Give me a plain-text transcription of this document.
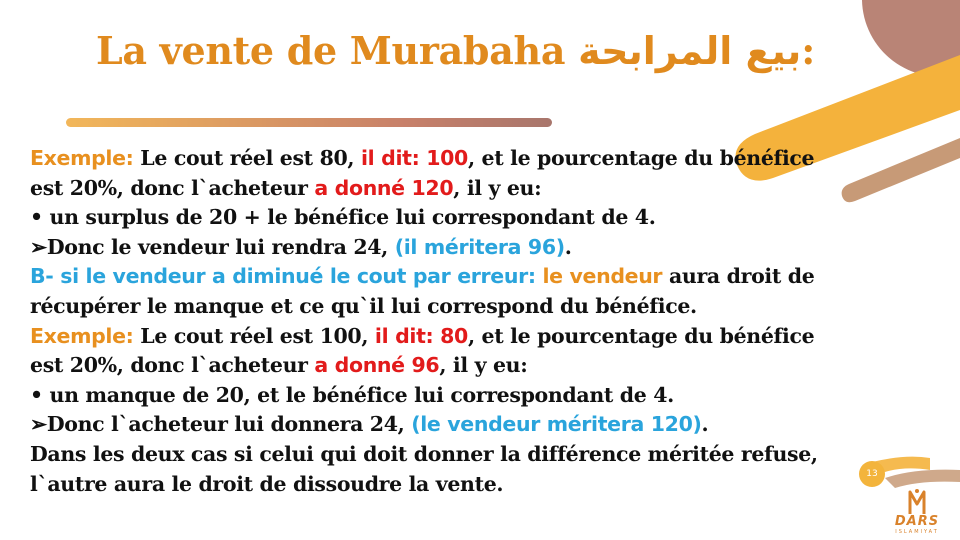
La vente de Murabaha بيع المرابحة:

Exemple: Le cout réel est 80, il dit: 100, et le pourcentage du bénéfice

est 20%, donc l`acheteur a donné 120, il y eu:

• un surplus de 20 + le bénéfice lui correspondant de 4.

➢Donc le vendeur lui rendra 24, (il méritera 96).

B- si le vendeur a diminué le cout par erreur: le vendeur aura droit de

récupérer le manque et ce qu`il lui correspond du bénéfice.

Exemple: Le cout réel est 100, il dit: 80, et le pourcentage du bénéfice

est 20%, donc l`acheteur a donné 96, il y eu:

• un manque de 20, et le bénéfice lui correspondant de 4.

➢Donc l`acheteur lui donnera 24, (le vendeur méritera 120).

Dans les deux cas si celui qui doit donner la différence méritée refuse,

l`autre aura le droit de dissoudre la vente.	13
DARS
ISLAMIYAT
